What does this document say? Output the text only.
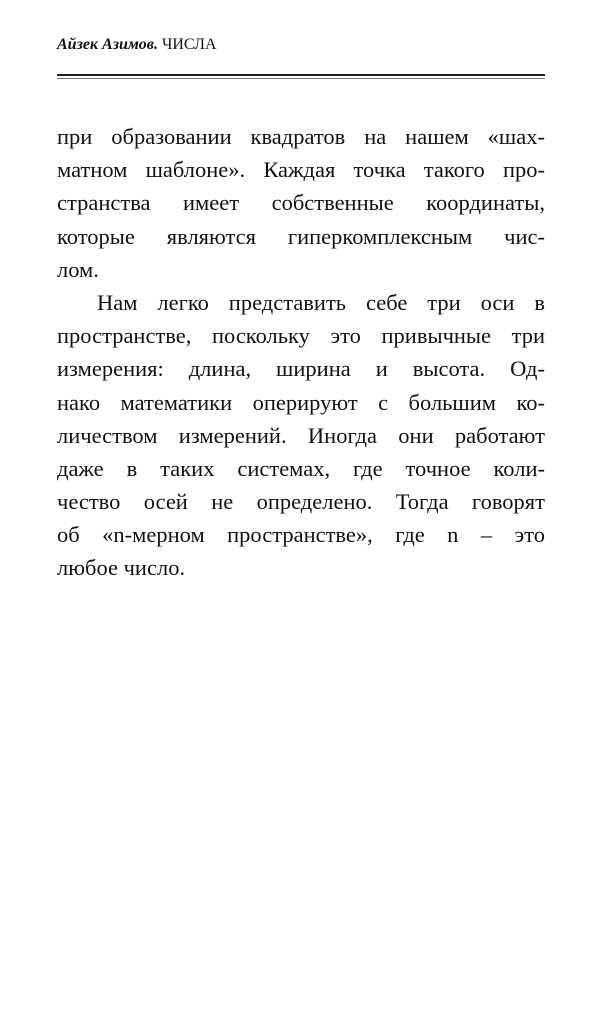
Айзек Азимов. ЧИСЛА
при образовании квадратов на нашем «шах-
матном шаблоне». Каждая точка такого про-
странства имеет собственные координаты,
которые являются гиперкомплексным чис-
лом.
Нам легко представить себе три оси в
пространстве, поскольку это привычные три
измерения: длина, ширина и высота. Од-
нако математики оперируют с большим ко-
личеством измерений. Иногда они работают
даже в таких системах, где точное коли-
чество осей не определено. Тогда говорят
об «n-мерном пространстве», где n – это
любое число.
